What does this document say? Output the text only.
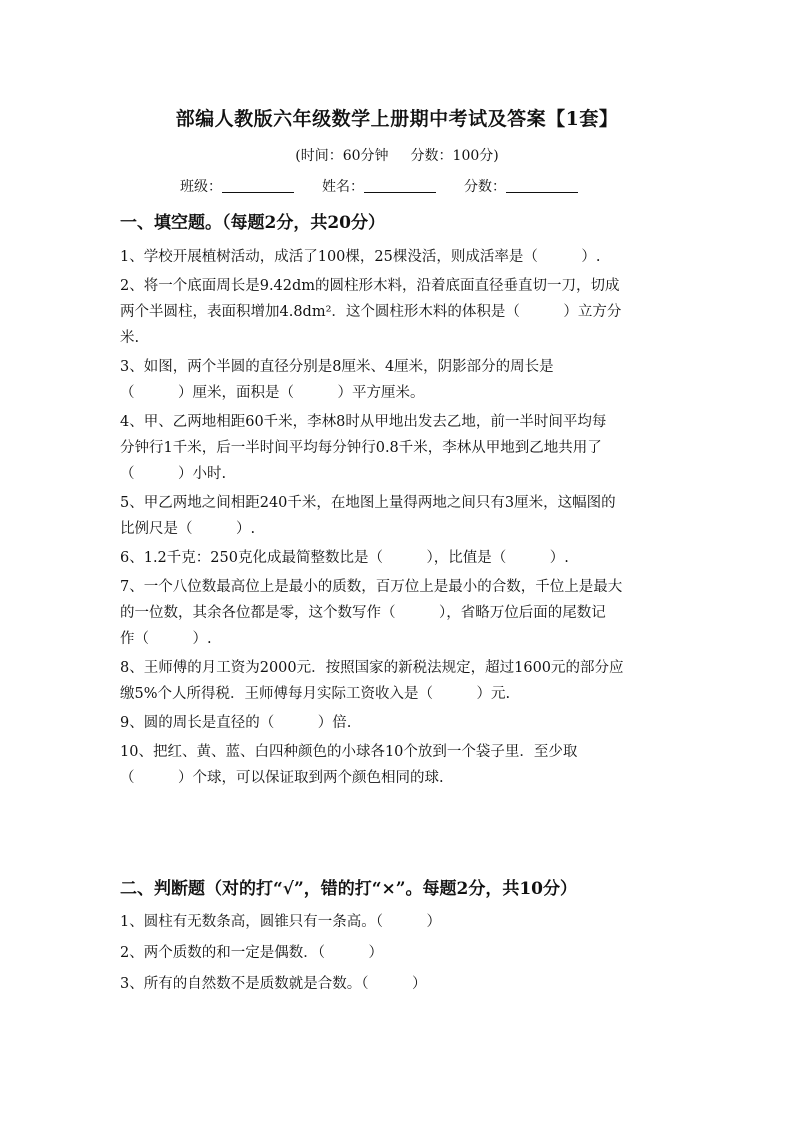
部编人教版六年级数学上册期中考试及答案【1套】
(时间：60分钟 分数：100分)
班级：	姓名：	分数：
一、填空题。（每题2分，共20分）

1、学校开展植树活动，成活了100棵，25棵没活，则成活率是（　　　）.

2、将一个底面周长是9.42dm的圆柱形木料，沿着底面直径垂直切一刀，切成

两个半圆柱，表面积增加4.8dm²．这个圆柱形木料的体积是（　　　）立方分

米.

3、如图，两个半圆的直径分别是8厘米、4厘米，阴影部分的周长是

（　　　）厘米，面积是（　　　）平方厘米。

4、甲、乙两地相距60千米，李林8时从甲地出发去乙地，前一半时间平均每

分钟行1千米，后一半时间平均每分钟行0.8千米，李林从甲地到乙地共用了

（　　　）小时.

5、甲乙两地之间相距240千米，在地图上量得两地之间只有3厘米，这幅图的

比例尺是（　　　）.

6、1.2千克：250克化成最简整数比是（　　　），比值是（　　　）.

7、一个八位数最高位上是最小的质数，百万位上是最小的合数，千位上是最大

的一位数，其余各位都是零，这个数写作（　　　），省略万位后面的尾数记

作（　　　）.

8、王师傅的月工资为2000元．按照国家的新税法规定，超过1600元的部分应

缴5%个人所得税．王师傅每月实际工资收入是（　　　）元.

9、圆的周长是直径的（　　　）倍.

10、把红、黄、蓝、白四种颜色的小球各10个放到一个袋子里．至少取

（　　　）个球，可以保证取到两个颜色相同的球.

二、判断题（对的打“√”，错的打“×”。每题2分，共10分）
1、圆柱有无数条高，圆锥只有一条高。（　　　）
2、两个质数的和一定是偶数．（　　　）
3、所有的自然数不是质数就是合数。（　　　）
